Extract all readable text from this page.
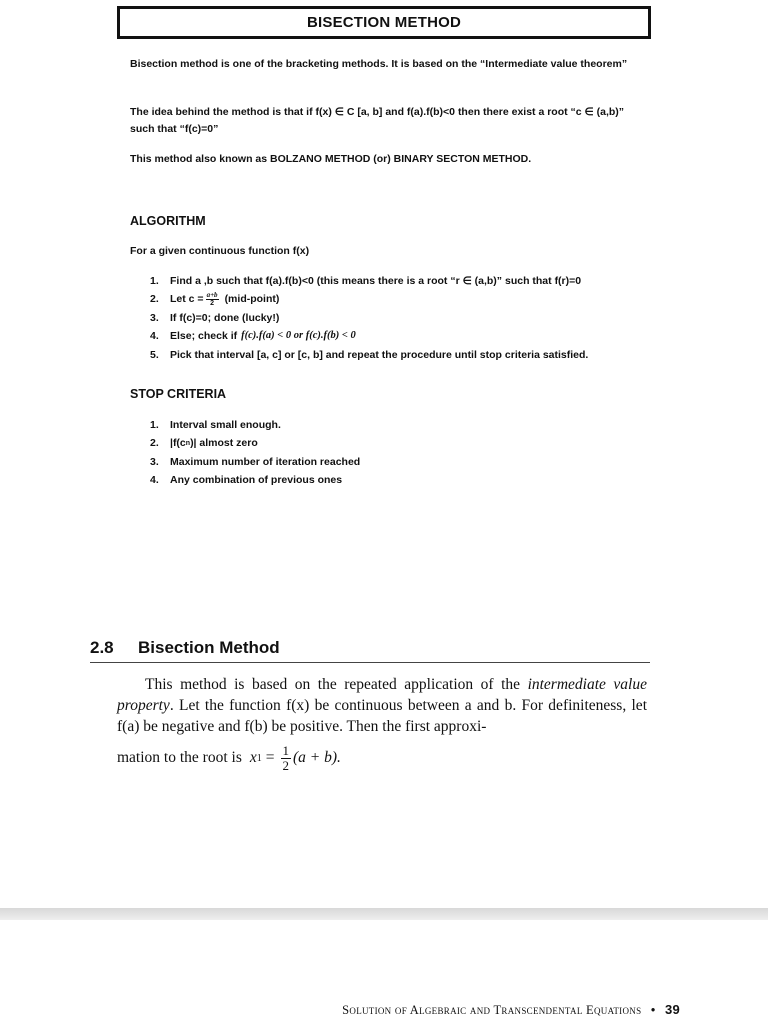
BISECTION METHOD
Bisection method is one of the bracketing methods. It is based on the “Intermediate value theorem”
The idea behind the method is that if f(x) ∈ C [a, b] and f(a).f(b)<0 then there exist a root “c ∈ (a,b)” such that “f(c)=0”
This method also known as BOLZANO METHOD (or) BINARY SECTON METHOD.
ALGORITHM
For a given continuous function f(x)
1.	Find a ,b such that f(a).f(b)<0 (this means there is a root “r ∈ (a,b)” such that f(r)=0
2.	Let $c = \frac{a+b}{2}$ (mid-point)
3.	If f(c)=0; done (lucky!)
4.	Else; check if f(c).f(a) < 0 or f(c).f(b) < 0
5.	Pick that interval [a, c] or [c, b] and repeat the procedure until stop criteria satisfied.
STOP CRITERIA
1.	Interval small enough.
2.	|f(c n )| almost zero
3.	Maximum number of iteration reached
4.	Any combination of previous ones
2.8 Bisection Method
This method is based on the repeated application of the intermediate value property. Let the function f(x) be continuous between a and b. For definiteness, let f(a) be negative and f(b) be positive. Then the first approxi-
mation to the root is x $1 = \frac{1}{2} (a + b)$.
Solution of Algebraic and Transcendental Equations • 39
